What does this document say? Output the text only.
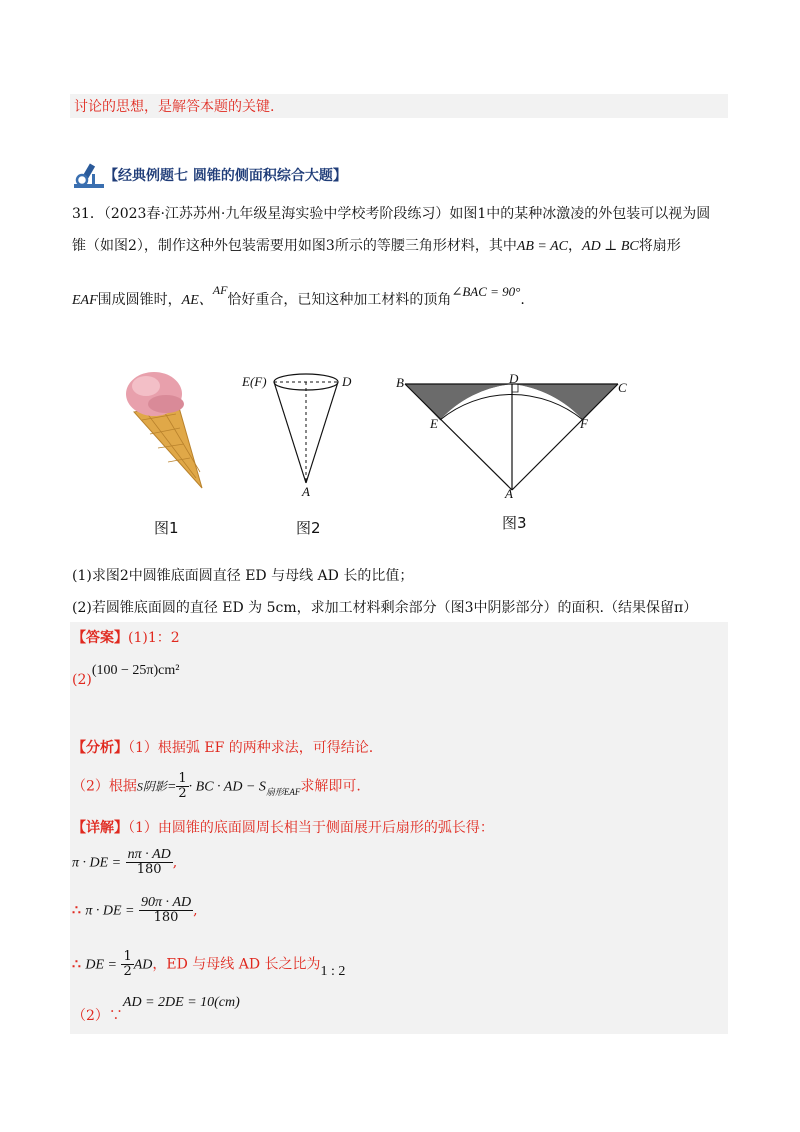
讨论的思想，是解答本题的关键.
【经典例题七 圆锥的侧面积综合大题】
31．（2023春·江苏苏州·九年级星海实验中学校考阶段练习）如图1中的某种冰激凌的外包装可以视为圆
锥（如图2），制作这种外包装需要用如图3所示的等腰三角形材料，其中AB = AC，AD ⊥ BC将扇形
EAF围成圆锥时，AE、AF恰好重合，已知这种加工材料的顶角∠BAC = 90°.
图1
E(F)	D
A
图2
B	D
C
E	F
A
图3
(1)求图2中圆锥底面圆直径 ED 与母线 AD 长的比值；
(2)若圆锥底面圆的直径 ED 为 5cm，求加工材料剩余部分（图3中阴影部分）的面积.（结果保留π）
【答案】(1)1：2
(2)(100 − 25π)cm²
【分析】（1）根据弧 EF 的两种求法，可得结论.
（2）根据S阴影= $\frac{1}{2}$ · BC · AD − $S_{扇形EAF}$求解即可.
【详解】（1）由圆锥的底面圆周长相当于侧面展开后扇形的弧长得：
π · DE = $\frac{n\pi \cdot AD}{180}$ ,
∴ π · DE = $\frac{90\pi \cdot AD}{180}$ ,
∴ DE = $\frac{1}{2}$ AD，ED 与母线 AD 长之比为1 : 2
（2）∵AD = 2DE = 10(cm)
